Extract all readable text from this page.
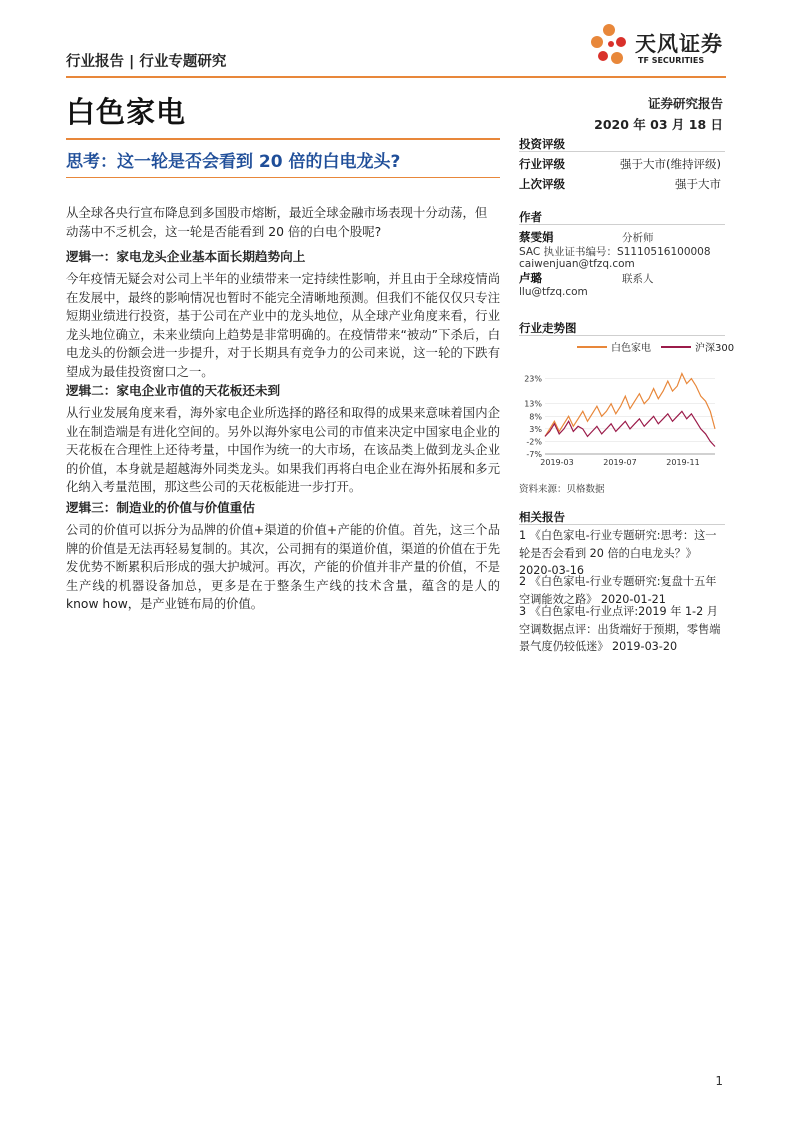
行业报告 | 行业专题研究
天风证券
TF SECURITIES
白色家电	证券研究报告
2020 年 03 月 18 日
思考：这一轮是否会看到 20 倍的白电龙头?
从全球各央行宣布降息到多国股市熔断，最近全球金融市场表现十分动荡，但动荡中不乏机会，这一轮是否能看到 20 倍的白电个股呢?
逻辑一：家电龙头企业基本面长期趋势向上
今年疫情无疑会对公司上半年的业绩带来一定持续性影响，并且由于全球疫情尚在发展中，最终的影响情况也暂时不能完全清晰地预测。但我们不能仅仅只专注短期业绩进行投资，基于公司在产业中的龙头地位，从全球产业角度来看，行业龙头地位确立，未来业绩向上趋势是非常明确的。在疫情带来“被动”下杀后，白电龙头的份额会进一步提升，对于长期具有竞争力的公司来说，这一轮的下跌有望成为最佳投资窗口之一。
逻辑二：家电企业市值的天花板还未到
从行业发展角度来看，海外家电企业所选择的路径和取得的成果来意味着国内企业在制造端是有进化空间的。另外以海外家电公司的市值来决定中国家电企业的天花板在合理性上还待考量，中国作为统一的大市场，在该品类上做到龙头企业的价值，本身就是超越海外同类龙头。如果我们再将白电企业在海外拓展和多元化纳入考量范围，那这些公司的天花板能进一步打开。
逻辑三：制造业的价值与价值重估
公司的价值可以拆分为品牌的价值+渠道的价值+产能的价值。首先，这三个品牌的价值是无法再轻易复制的。其次，公司拥有的渠道价值，渠道的价值在于先发优势不断累积后形成的强大护城河。再次，产能的价值并非产量的价值，不是生产线的机器设备加总，更多是在于整条生产线的技术含量，蕴含的是人的 know how，是产业链布局的价值。
投资评级
行业评级	强于大市(维持评级)
上次评级	强于大市
作者
蔡雯娟	分析师
SAC 执业证书编号：S1110516100008
caiwenjuan@tfzq.com
卢璐	联系人
llu@tfzq.com
行业走势图
白色家电	沪深300
23%
13%
8%
3%
-2%
-7%
2019-03	2019-07	2019-11
资料来源：贝格数据
相关报告
1 《白色家电-行业专题研究:思考：这一轮是否会看到 20 倍的白电龙头？》 2020-03-16
2 《白色家电-行业专题研究:复盘十五年空调能效之路》 2020-01-21
3 《白色家电-行业点评:2019 年 1-2 月空调数据点评：出货端好于预期，零售端景气度仍较低迷》 2019-03-20
1
